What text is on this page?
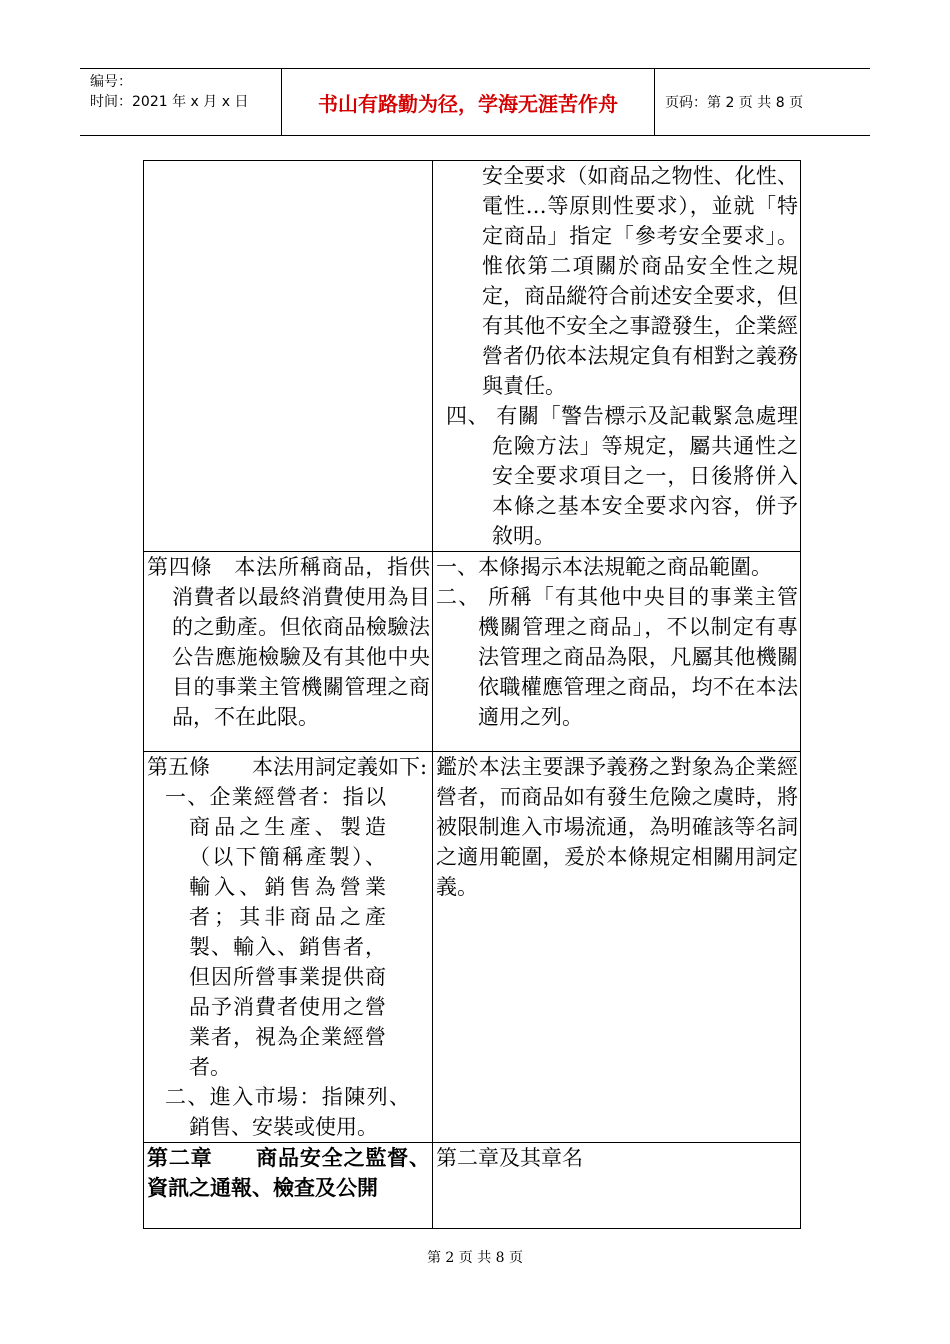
编号：
时间：2021 年 x 月 x 日	书山有路勤为径，学海无涯苦作舟	页码：第 2 页 共 8 页

	安全要求（如商品之物性、化性、電性…等原則性要求），並就「特定商品」指定「參考安全要求」。惟依第二項關於商品安全性之規定，商品縱符合前述安全要求，但有其他不安全之事證發生，企業經營者仍依本法規定負有相對之義務與責任。
四、 有關「警告標示及記載緊急處理危險方法」等規定，屬共通性之安全要求項目之一，日後將併入本條之基本安全要求內容，併予敘明。

第四條　本法所稱商品，指供消費者以最終消費使用為目的之動產。但依商品檢驗法公告應施檢驗及有其他中央目的事業主管機關管理之商品，不在此限。	一、本條揭示本法規範之商品範圍。
二、 所稱「有其他中央目的事業主管機關管理之商品」，不以制定有專法管理之商品為限，凡屬其他機關依職權應管理之商品，均不在本法適用之列。

第五條　　本法用詞定義如下:
一、企業經營者：指以商品之生產、製造（以下簡稱產製）、輸入、銷售為營業者；其非商品之產製、輸入、銷售者，但因所營事業提供商品予消費者使用之營業者，視為企業經營者。
二、進入市場：指陳列、銷售、安裝或使用。	鑑於本法主要課予義務之對象為企業經營者，而商品如有發生危險之虞時，將被限制進入市場流通，為明確該等名詞之適用範圍，爰於本條規定相關用詞定義。

第二章　　商品安全之監督、資訊之通報、檢查及公開	第二章及其章名
第 2 页 共 8 页
